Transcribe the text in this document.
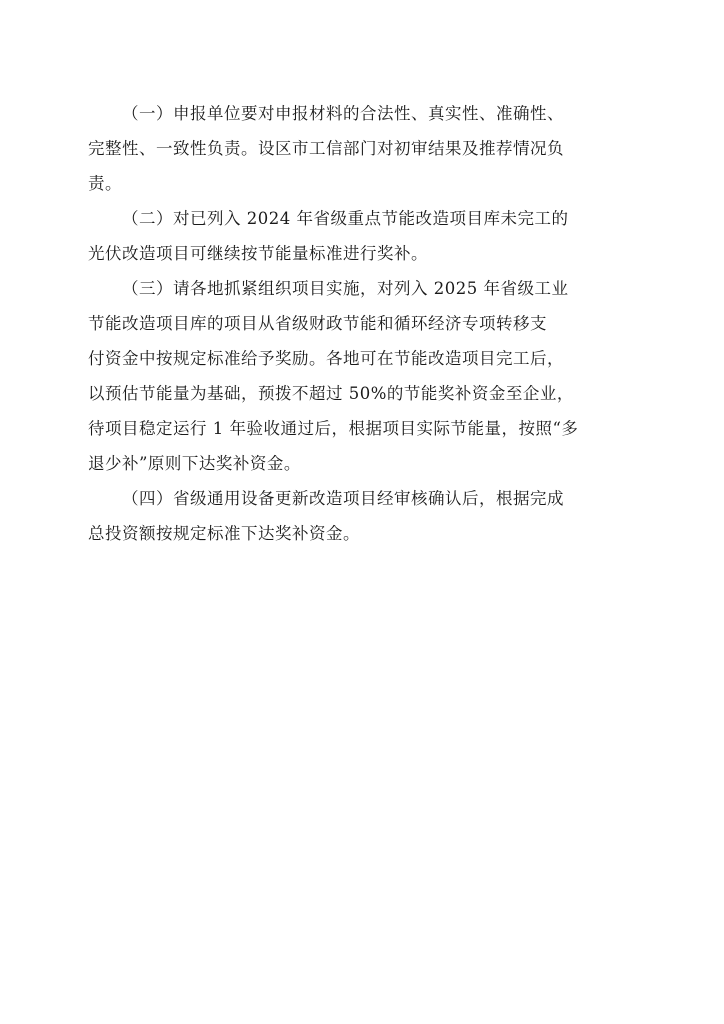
（一）申报单位要对申报材料的合法性、真实性、准确性、
完整性、一致性负责。设区市工信部门对初审结果及推荐情况负
责。
（二）对已列入 2024 年省级重点节能改造项目库未完工的
光伏改造项目可继续按节能量标准进行奖补。
（三）请各地抓紧组织项目实施，对列入 2025 年省级工业
节能改造项目库的项目从省级财政节能和循环经济专项转移支
付资金中按规定标准给予奖励。各地可在节能改造项目完工后，
以预估节能量为基础，预拨不超过 50%的节能奖补资金至企业，
待项目稳定运行 1 年验收通过后，根据项目实际节能量，按照“多
退少补”原则下达奖补资金。
（四）省级通用设备更新改造项目经审核确认后，根据完成
总投资额按规定标准下达奖补资金。
